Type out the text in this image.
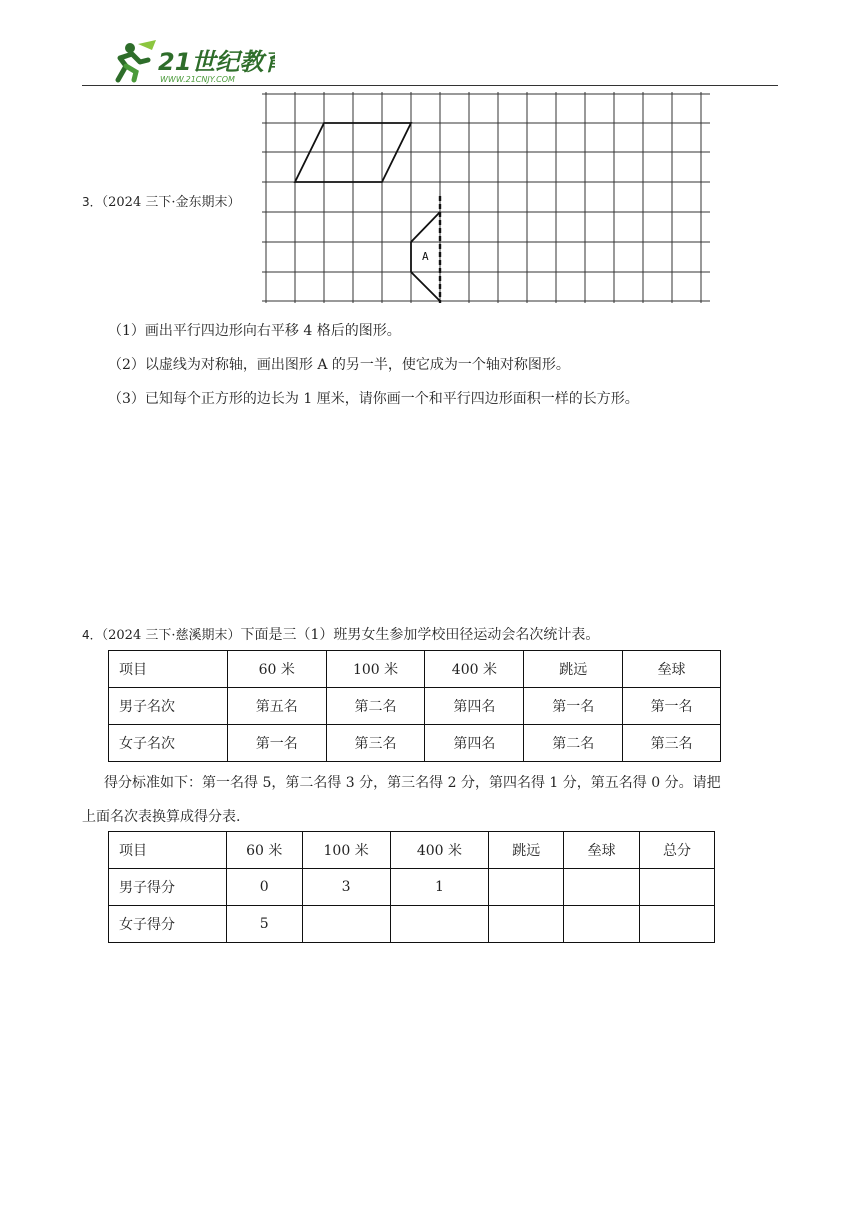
21世纪教育
WWW.21CNJY.COM
A
3．（2024 三下·金东期末）
（1）画出平行四边形向右平移 4 格后的图形。
（2）以虚线为对称轴，画出图形 A 的另一半，使它成为一个轴对称图形。
（3）已知每个正方形的边长为 1 厘米，请你画一个和平行四边形面积一样的长方形。
4．（2024 三下·慈溪期末）下面是三（1）班男女生参加学校田径运动会名次统计表。
项目	60 米	100 米	400 米	跳远	垒球
男子名次	第五名	第二名	第四名	第一名	第一名
女子名次	第一名	第三名	第四名	第二名	第三名
得分标准如下：第一名得 5，第二名得 3 分，第三名得 2 分，第四名得 1 分，第五名得 0 分。请把
上面名次表换算成得分表.
项目	60 米	100 米	400 米	跳远	垒球	总分
男子得分	0	3	1			
女子得分	5					
